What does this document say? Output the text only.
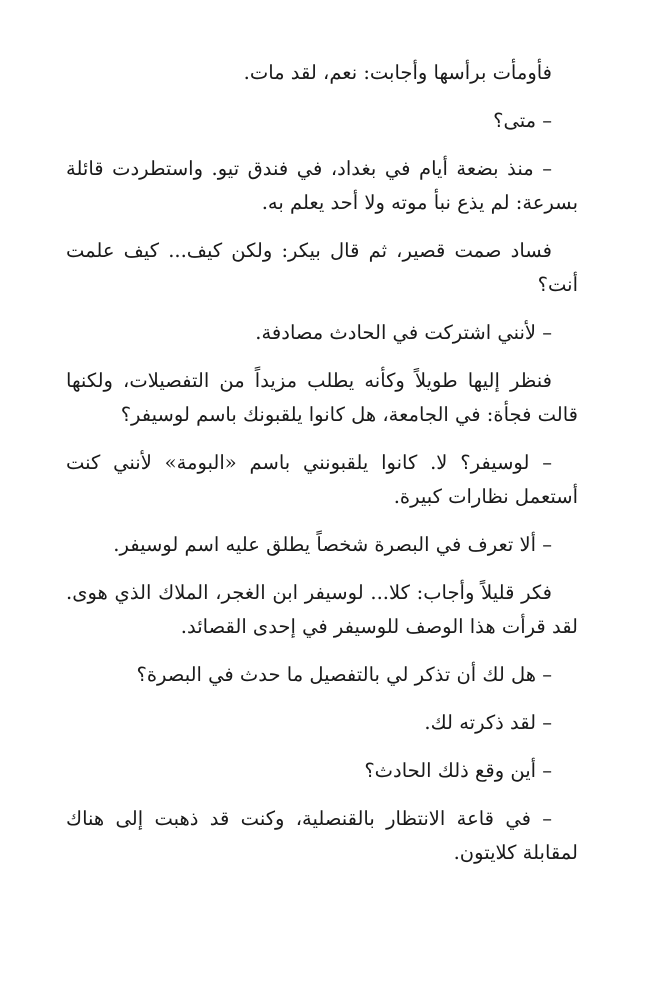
فأومأت برأسها وأجابت: نعم، لقد مات.

– متى؟

– منذ بضعة أيام في بغداد، في فندق تيو. واستطردت قائلة بسرعة: لم يذع نبأ موته ولا أحد يعلم به.

فساد صمت قصير، ثم قال بيكر: ولكن كيف... كيف علمت أنت؟

– لأنني اشتركت في الحادث مصادفة.

فنظر إليها طويلاً وكأنه يطلب مزيداً من التفصيلات، ولكنها قالت فجأة: في الجامعة، هل كانوا يلقبونك باسم لوسيفر؟

– لوسيفر؟ لا. كانوا يلقبونني باسم «البومة» لأنني كنت أستعمل نظارات كبيرة.

– ألا تعرف في البصرة شخصاً يطلق عليه اسم لوسيفر.

فكر قليلاً وأجاب: كلا... لوسيفر ابن الغجر، الملاك الذي هوى. لقد قرأت هذا الوصف للوسيفر في إحدى القصائد.

– هل لك أن تذكر لي بالتفصيل ما حدث في البصرة؟

– لقد ذكرته لك.

– أين وقع ذلك الحادث؟

– في قاعة الانتظار بالقنصلية، وكنت قد ذهبت إلى هناك لمقابلة كلايتون.
